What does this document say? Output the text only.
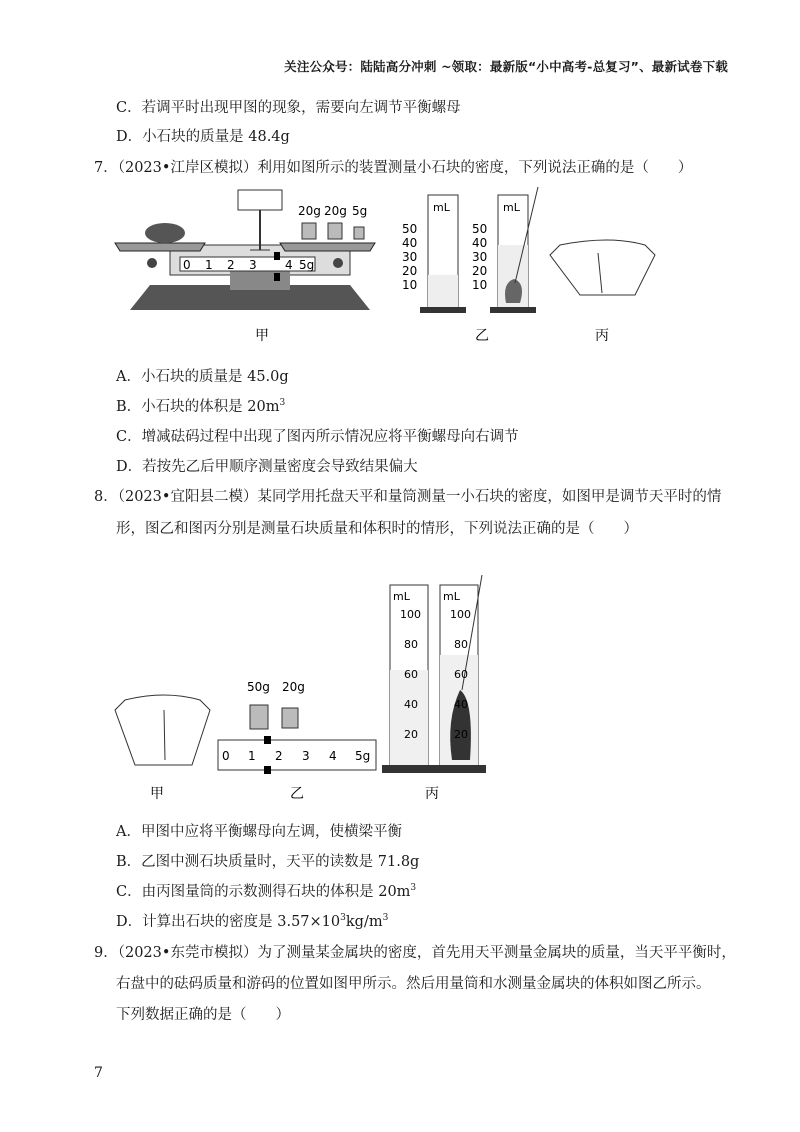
关注公众号：陆陆高分冲刺 ~领取：最新版“小中高考-总复习”、最新试卷下载
C．若调平时出现甲图的现象，需要向左调节平衡螺母
D．小石块的质量是 48.4g
7．（2023•江岸区模拟）利用如图所示的装置测量小石块的密度，下列说法正确的是（　　）
20g 20g 5g
0 1 2 3 4 5g
mL
50
40
30
20
10
mL
50
40
30
20
10
甲	乙	丙
A．小石块的质量是 45.0g
B．小石块的体积是 $20m^3$
C．增减砝码过程中出现了图丙所示情况应将平衡螺母向右调节
D．若按先乙后甲顺序测量密度会导致结果偏大
8．（2023•宜阳县二模）某同学用托盘天平和量筒测量一小石块的密度，如图甲是调节天平时的情
形，图乙和图丙分别是测量石块质量和体积时的情形，下列说法正确的是（　　）
50g 20g
0 1 2 3 4 5g
mL
100
80
60
40
20
mL
100
80
60
40
20
甲	乙	丙
A．甲图中应将平衡螺母向左调，使横梁平衡
B．乙图中测石块质量时，天平的读数是 71.8g
C．由丙图量筒的示数测得石块的体积是 $20m^3$
D．计算出石块的密度是 $3.57\times 10^3kg/m^3$
9．（2023•东莞市模拟）为了测量某金属块的密度，首先用天平测量金属块的质量，当天平平衡时，
右盘中的砝码质量和游码的位置如图甲所示。然后用量筒和水测量金属块的体积如图乙所示。
下列数据正确的是（　　）
7
